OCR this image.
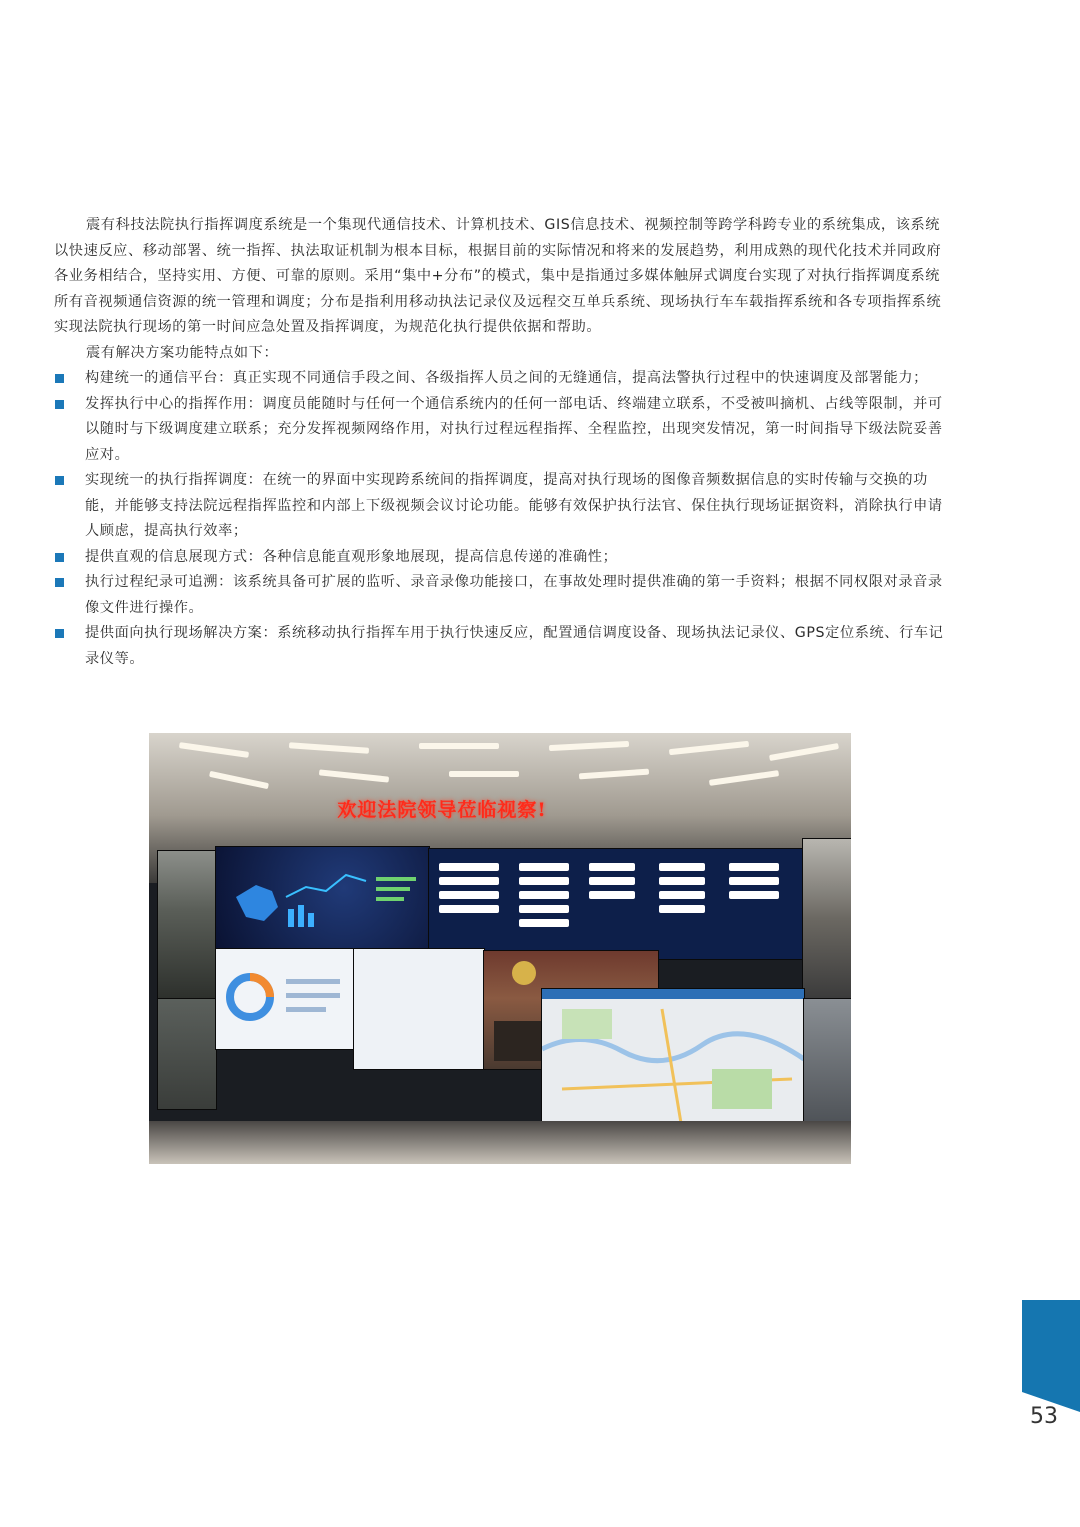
震有科技法院执行指挥调度系统是一个集现代通信技术、计算机技术、GIS信息技术、视频控制等跨学科跨专业的系统集成，该系统以快速反应、移动部署、统一指挥、执法取证机制为根本目标，根据目前的实际情况和将来的发展趋势，利用成熟的现代化技术并同政府各业务相结合，坚持实用、方便、可靠的原则。采用“集中+分布”的模式，集中是指通过多媒体触屏式调度台实现了对执行指挥调度系统所有音视频通信资源的统一管理和调度；分布是指利用移动执法记录仪及远程交互单兵系统、现场执行车车载指挥系统和各专项指挥系统实现法院执行现场的第一时间应急处置及指挥调度，为规范化执行提供依据和帮助。

震有解决方案功能特点如下：

构建统一的通信平台：真正实现不同通信手段之间、各级指挥人员之间的无缝通信，提高法警执行过程中的快速调度及部署能力；
发挥执行中心的指挥作用：调度员能随时与任何一个通信系统内的任何一部电话、终端建立联系，不受被叫摘机、占线等限制，并可以随时与下级调度建立联系；充分发挥视频网络作用，对执行过程远程指挥、全程监控，出现突发情况，第一时间指导下级法院妥善应对。
实现统一的执行指挥调度：在统一的界面中实现跨系统间的指挥调度，提高对执行现场的图像音频数据信息的实时传输与交换的功能，并能够支持法院远程指挥监控和内部上下级视频会议讨论功能。能够有效保护执行法官、保住执行现场证据资料，消除执行申请人顾虑，提高执行效率；
提供直观的信息展现方式：各种信息能直观形象地展现，提高信息传递的准确性；
执行过程纪录可追溯：该系统具备可扩展的监听、录音录像功能接口，在事故处理时提供准确的第一手资料；根据不同权限对录音录像文件进行操作。
提供面向执行现场解决方案：系统移动执行指挥车用于执行快速反应，配置通信调度设备、现场执法记录仪、GPS定位系统、行车记录仪等。
欢迎法院领导莅临视察!
53
